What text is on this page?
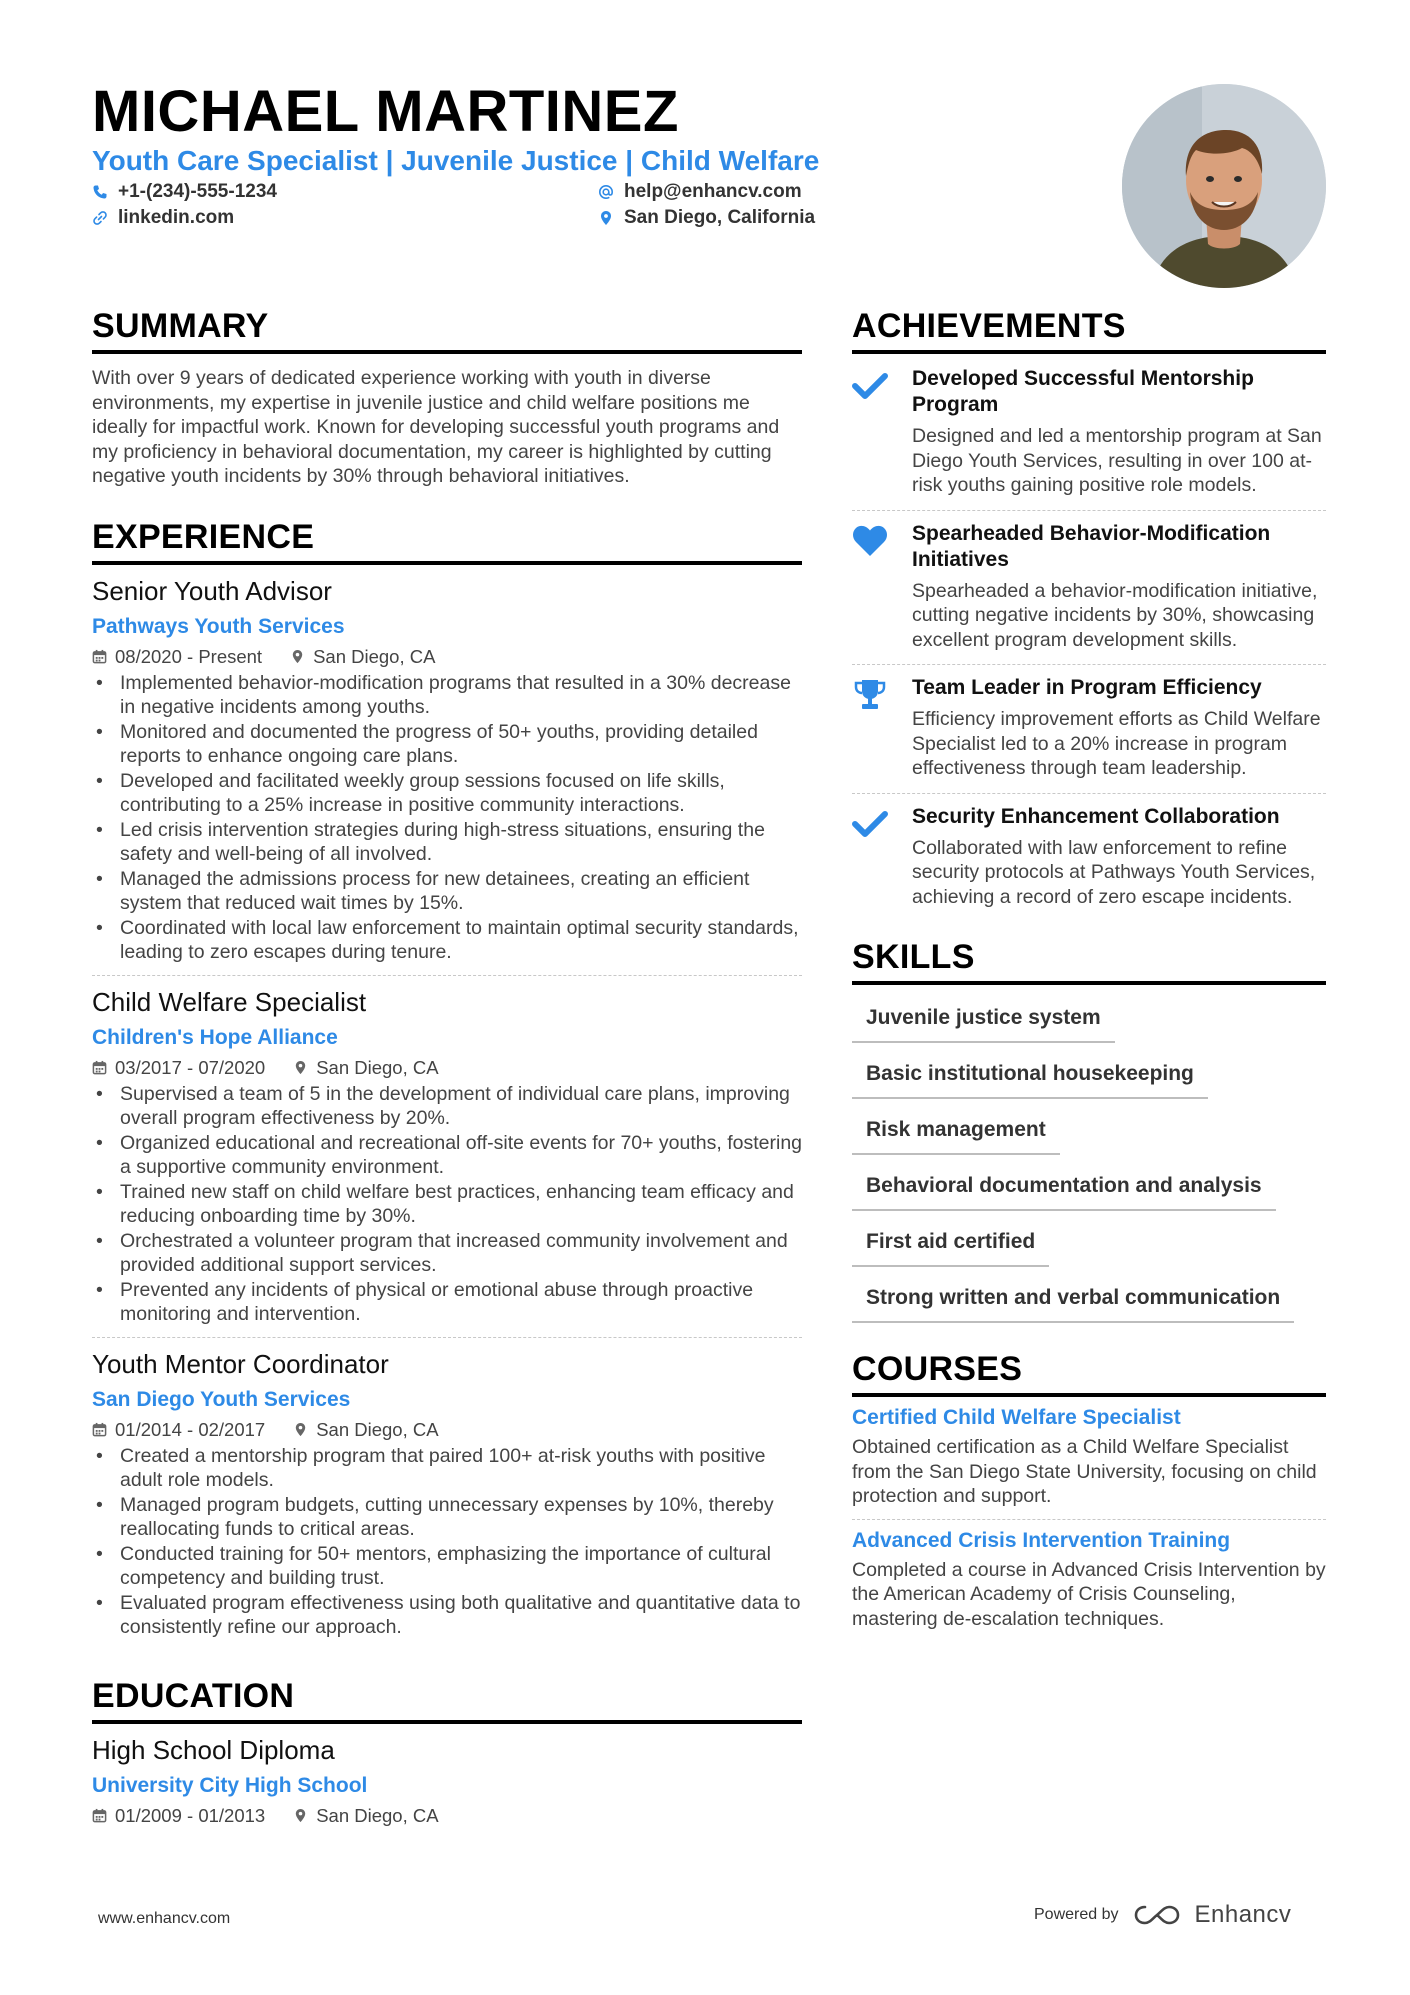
MICHAEL MARTINEZ
Youth Care Specialist | Juvenile Justice | Child Welfare
+1-(234)-555-1234	help@enhancv.com
linkedin.com	San Diego, California
SUMMARY
With over 9 years of dedicated experience working with youth in diverse environments, my expertise in juvenile justice and child welfare positions me ideally for impactful work. Known for developing successful youth programs and my proficiency in behavioral documentation, my career is highlighted by cutting negative youth incidents by 30% through behavioral initiatives.
EXPERIENCE
Senior Youth Advisor
Pathways Youth Services
08/2020 - Present	San Diego, CA
• Implemented behavior-modification programs that resulted in a 30% decrease in negative incidents among youths.
• Monitored and documented the progress of 50+ youths, providing detailed reports to enhance ongoing care plans.
• Developed and facilitated weekly group sessions focused on life skills, contributing to a 25% increase in positive community interactions.
• Led crisis intervention strategies during high-stress situations, ensuring the safety and well-being of all involved.
• Managed the admissions process for new detainees, creating an efficient system that reduced wait times by 15%.
• Coordinated with local law enforcement to maintain optimal security standards, leading to zero escapes during tenure.
Child Welfare Specialist
Children's Hope Alliance
03/2017 - 07/2020	San Diego, CA
• Supervised a team of 5 in the development of individual care plans, improving overall program effectiveness by 20%.
• Organized educational and recreational off-site events for 70+ youths, fostering a supportive community environment.
• Trained new staff on child welfare best practices, enhancing team efficacy and reducing onboarding time by 30%.
• Orchestrated a volunteer program that increased community involvement and provided additional support services.
• Prevented any incidents of physical or emotional abuse through proactive monitoring and intervention.
Youth Mentor Coordinator
San Diego Youth Services
01/2014 - 02/2017	San Diego, CA
• Created a mentorship program that paired 100+ at-risk youths with positive adult role models.
• Managed program budgets, cutting unnecessary expenses by 10%, thereby reallocating funds to critical areas.
• Conducted training for 50+ mentors, emphasizing the importance of cultural competency and building trust.
• Evaluated program effectiveness using both qualitative and quantitative data to consistently refine our approach.
EDUCATION
High School Diploma
University City High School
01/2009 - 01/2013	San Diego, CA
ACHIEVEMENTS
Developed Successful Mentorship Program
Designed and led a mentorship program at San Diego Youth Services, resulting in over 100 at-risk youths gaining positive role models.
Spearheaded Behavior-Modification Initiatives
Spearheaded a behavior-modification initiative, cutting negative incidents by 30%, showcasing excellent program development skills.
Team Leader in Program Efficiency
Efficiency improvement efforts as Child Welfare Specialist led to a 20% increase in program effectiveness through team leadership.
Security Enhancement Collaboration
Collaborated with law enforcement to refine security protocols at Pathways Youth Services, achieving a record of zero escape incidents.
SKILLS
Juvenile justice system
Basic institutional housekeeping
Risk management
Behavioral documentation and analysis
First aid certified
Strong written and verbal communication
COURSES
Certified Child Welfare Specialist
Obtained certification as a Child Welfare Specialist from the San Diego State University, focusing on child protection and support.
Advanced Crisis Intervention Training
Completed a course in Advanced Crisis Intervention by the American Academy of Crisis Counseling, mastering de-escalation techniques.
www.enhancv.com	Powered by	Enhancv
